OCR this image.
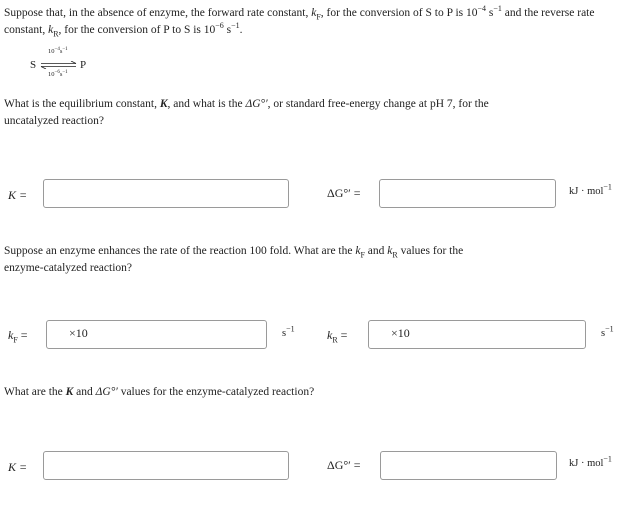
Suppose that, in the absence of enzyme, the forward rate constant, $k_F$, for the conversion of S to P is $10^{-4}$ $s^{-1}$ and the reverse rate constant, $k_R$, for the conversion of P to S is $10^{-6}$ $s^{-1}$.
$10^{-4}s^{-1}$
S ⇌ P
$10^{-6}s^{-1}$
What is the equilibrium constant, K, and what is the ΔG°′, or standard free-energy change at pH 7, for the uncatalyzed reaction?
K =	ΔG°′ =	kJ · mol$^{-1}$
Suppose an enzyme enhances the rate of the reaction 100 fold. What are the $k_F$ and $k_R$ values for the enzyme-catalyzed reaction?
$k_F$ =	×10	$s^{-1}$	$k_R$ =	×10	$s^{-1}$
What are the K and ΔG°′ values for the enzyme-catalyzed reaction?
K =	ΔG°′ =	kJ · mol$^{-1}$
